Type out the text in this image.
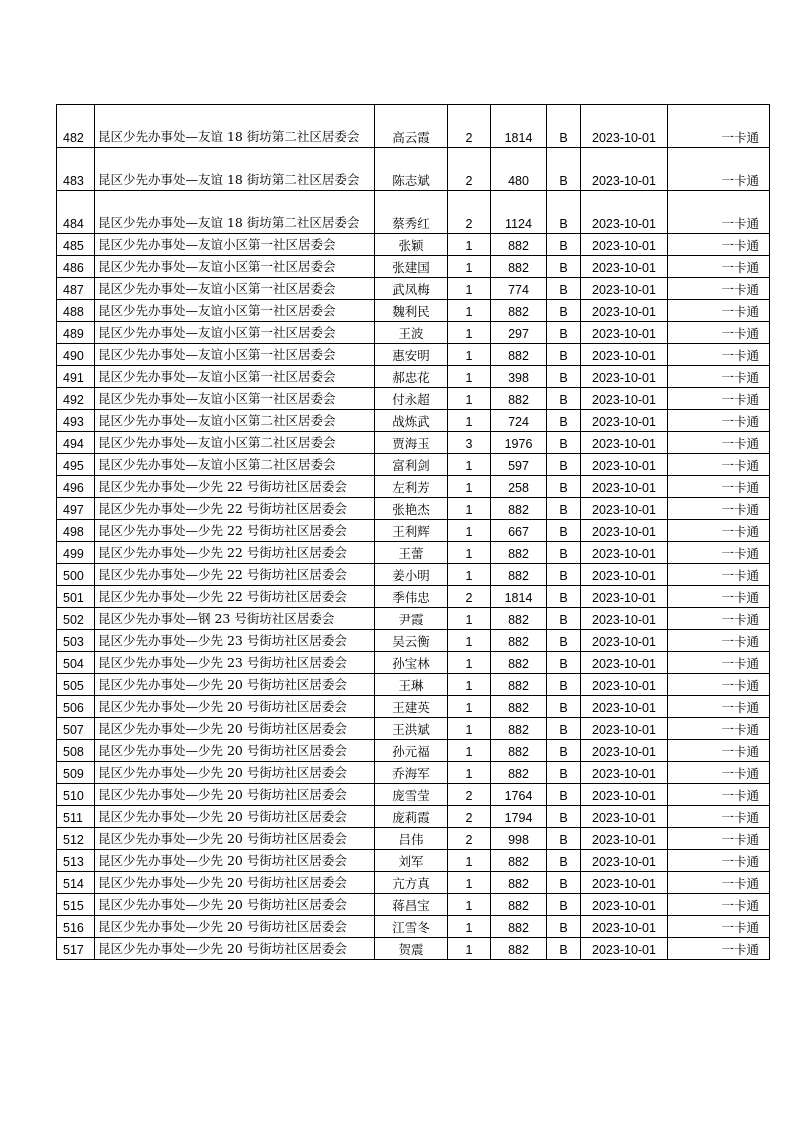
482	昆区少先办事处—友谊 18 街坊第二社区居委会	高云霞	2	1814	B	2023-10-01	一卡通
483	昆区少先办事处—友谊 18 街坊第二社区居委会	陈志斌	2	480	B	2023-10-01	一卡通
484	昆区少先办事处—友谊 18 街坊第二社区居委会	蔡秀红	2	1124	B	2023-10-01	一卡通
485	昆区少先办事处—友谊小区第一社区居委会	张颖	1	882	B	2023-10-01	一卡通
486	昆区少先办事处—友谊小区第一社区居委会	张建国	1	882	B	2023-10-01	一卡通
487	昆区少先办事处—友谊小区第一社区居委会	武凤梅	1	774	B	2023-10-01	一卡通
488	昆区少先办事处—友谊小区第一社区居委会	魏利民	1	882	B	2023-10-01	一卡通
489	昆区少先办事处—友谊小区第一社区居委会	王波	1	297	B	2023-10-01	一卡通
490	昆区少先办事处—友谊小区第一社区居委会	惠安明	1	882	B	2023-10-01	一卡通
491	昆区少先办事处—友谊小区第一社区居委会	郝忠花	1	398	B	2023-10-01	一卡通
492	昆区少先办事处—友谊小区第一社区居委会	付永超	1	882	B	2023-10-01	一卡通
493	昆区少先办事处—友谊小区第二社区居委会	战炼武	1	724	B	2023-10-01	一卡通
494	昆区少先办事处—友谊小区第二社区居委会	贾海玉	3	1976	B	2023-10-01	一卡通
495	昆区少先办事处—友谊小区第二社区居委会	富利剑	1	597	B	2023-10-01	一卡通
496	昆区少先办事处—少先 22 号街坊社区居委会	左利芳	1	258	B	2023-10-01	一卡通
497	昆区少先办事处—少先 22 号街坊社区居委会	张艳杰	1	882	B	2023-10-01	一卡通
498	昆区少先办事处—少先 22 号街坊社区居委会	王利辉	1	667	B	2023-10-01	一卡通
499	昆区少先办事处—少先 22 号街坊社区居委会	王蕾	1	882	B	2023-10-01	一卡通
500	昆区少先办事处—少先 22 号街坊社区居委会	姜小明	1	882	B	2023-10-01	一卡通
501	昆区少先办事处—少先 22 号街坊社区居委会	季伟忠	2	1814	B	2023-10-01	一卡通
502	昆区少先办事处—钢 23 号街坊社区居委会	尹霞	1	882	B	2023-10-01	一卡通
503	昆区少先办事处—少先 23 号街坊社区居委会	吴云衡	1	882	B	2023-10-01	一卡通
504	昆区少先办事处—少先 23 号街坊社区居委会	孙宝林	1	882	B	2023-10-01	一卡通
505	昆区少先办事处—少先 20 号街坊社区居委会	王琳	1	882	B	2023-10-01	一卡通
506	昆区少先办事处—少先 20 号街坊社区居委会	王建英	1	882	B	2023-10-01	一卡通
507	昆区少先办事处—少先 20 号街坊社区居委会	王洪斌	1	882	B	2023-10-01	一卡通
508	昆区少先办事处—少先 20 号街坊社区居委会	孙元福	1	882	B	2023-10-01	一卡通
509	昆区少先办事处—少先 20 号街坊社区居委会	乔海军	1	882	B	2023-10-01	一卡通
510	昆区少先办事处—少先 20 号街坊社区居委会	庞雪莹	2	1764	B	2023-10-01	一卡通
511	昆区少先办事处—少先 20 号街坊社区居委会	庞莉霞	2	1794	B	2023-10-01	一卡通
512	昆区少先办事处—少先 20 号街坊社区居委会	吕伟	2	998	B	2023-10-01	一卡通
513	昆区少先办事处—少先 20 号街坊社区居委会	刘军	1	882	B	2023-10-01	一卡通
514	昆区少先办事处—少先 20 号街坊社区居委会	亢方真	1	882	B	2023-10-01	一卡通
515	昆区少先办事处—少先 20 号街坊社区居委会	蒋昌宝	1	882	B	2023-10-01	一卡通
516	昆区少先办事处—少先 20 号街坊社区居委会	江雪冬	1	882	B	2023-10-01	一卡通
517	昆区少先办事处—少先 20 号街坊社区居委会	贺震	1	882	B	2023-10-01	一卡通
